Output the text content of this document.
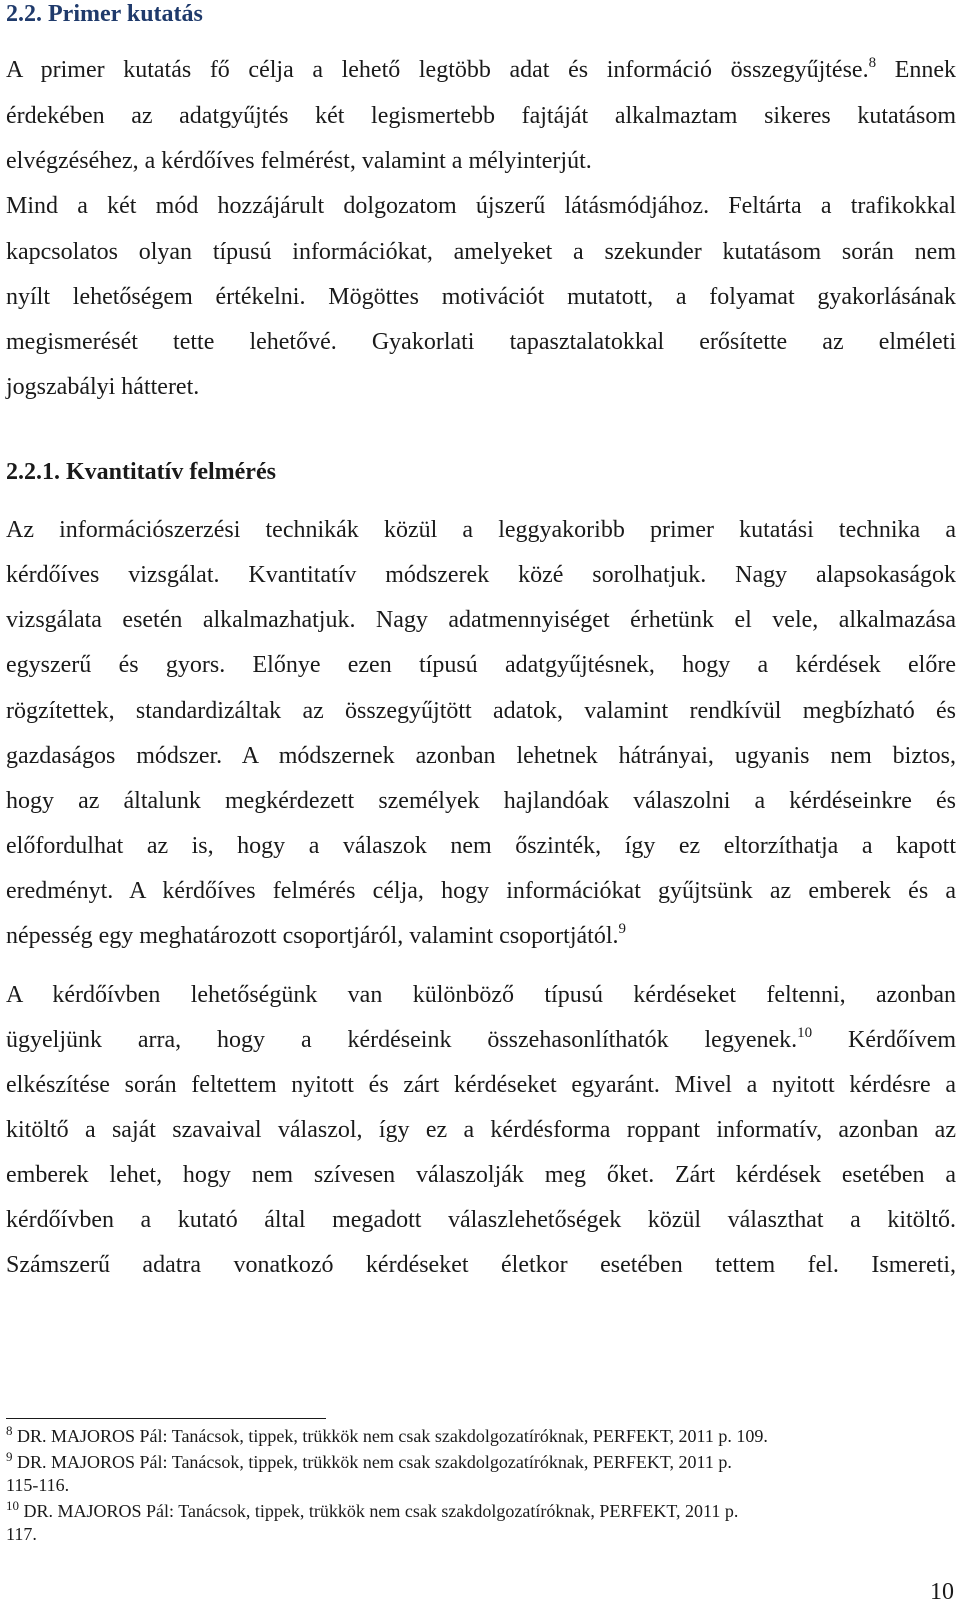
2.2. Primer kutatás
A primer kutatás fő célja a lehető legtöbb adat és információ összegyűjtése.$^8$ Ennek
érdekében az adatgyűjtés két legismertebb fajtáját alkalmaztam sikeres kutatásom
elvégzéséhez, a kérdőíves felmérést, valamint a mélyinterjút.
Mind a két mód hozzájárult dolgozatom újszerű látásmódjához. Feltárta a trafikokkal
kapcsolatos olyan típusú információkat, amelyeket a szekunder kutatásom során nem
nyílt lehetőségem értékelni. Mögöttes motivációt mutatott, a folyamat gyakorlásának
megismerését tette lehetővé. Gyakorlati tapasztalatokkal erősítette az elméleti
jogszabályi hátteret.
2.2.1. Kvantitatív felmérés
Az információszerzési technikák közül a leggyakoribb primer kutatási technika a
kérdőíves vizsgálat. Kvantitatív módszerek közé sorolhatjuk. Nagy alapsokaságok
vizsgálata esetén alkalmazhatjuk. Nagy adatmennyiséget érhetünk el vele, alkalmazása
egyszerű és gyors. Előnye ezen típusú adatgyűjtésnek, hogy a kérdések előre
rögzítettek, standardizáltak az összegyűjtött adatok, valamint rendkívül megbízható és
gazdaságos módszer. A módszernek azonban lehetnek hátrányai, ugyanis nem biztos,
hogy az általunk megkérdezett személyek hajlandóak válaszolni a kérdéseinkre és
előfordulhat az is, hogy a válaszok nem őszinték, így ez eltorzíthatja a kapott
eredményt. A kérdőíves felmérés célja, hogy információkat gyűjtsünk az emberek és a
népesség egy meghatározott csoportjáról, valamint csoportjától.$^9$
A kérdőívben lehetőségünk van különböző típusú kérdéseket feltenni, azonban
ügyeljünk arra, hogy a kérdéseink összehasonlíthatók legyenek.$^{10}$ Kérdőívem
elkészítése során feltettem nyitott és zárt kérdéseket egyaránt. Mivel a nyitott kérdésre a
kitöltő a saját szavaival válaszol, így ez a kérdésforma roppant informatív, azonban az
emberek lehet, hogy nem szívesen válaszolják meg őket. Zárt kérdések esetében a
kérdőívben a kutató által megadott válaszlehetőségek közül választhat a kitöltő.
Számszerű adatra vonatkozó kérdéseket életkor esetében tettem fel. Ismereti,
$^8$ DR. MAJOROS Pál: Tanácsok, tippek, trükkök nem csak szakdolgozatíróknak, PERFEKT, 2011 p. 109.
$^9$ DR. MAJOROS Pál: Tanácsok, tippek, trükkök nem csak szakdolgozatíróknak, PERFEKT, 2011 p.
115-116.
$^{10}$ DR. MAJOROS Pál: Tanácsok, tippek, trükkök nem csak szakdolgozatíróknak, PERFEKT, 2011 p.
117.
10
